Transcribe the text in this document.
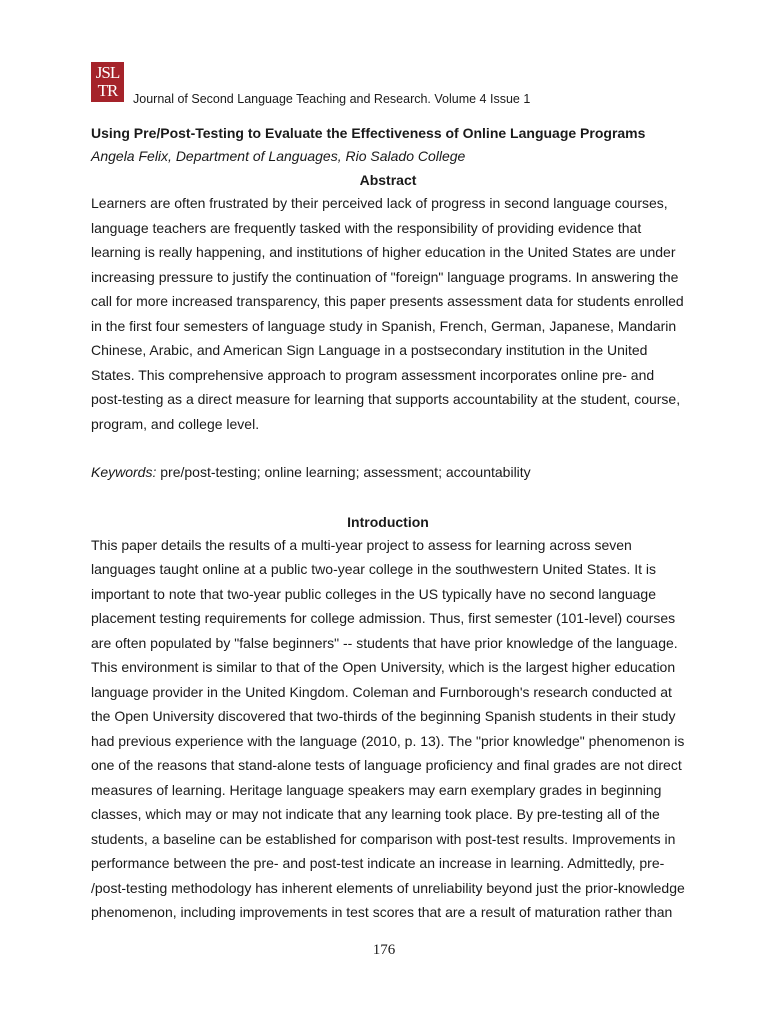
JSL
TR Journal of Second Language Teaching and Research. Volume 4 Issue 1

Using Pre/Post-Testing to Evaluate the Effectiveness of Online Language Programs

Angela Felix, Department of Languages, Rio Salado College

Abstract

Learners are often frustrated by their perceived lack of progress in second language courses,
language teachers are frequently tasked with the responsibility of providing evidence that
learning is really happening, and institutions of higher education in the United States are under
increasing pressure to justify the continuation of "foreign" language programs. In answering the
call for more increased transparency, this paper presents assessment data for students enrolled
in the first four semesters of language study in Spanish, French, German, Japanese, Mandarin
Chinese, Arabic, and American Sign Language in a postsecondary institution in the United
States. This comprehensive approach to program assessment incorporates online pre- and
post-testing as a direct measure for learning that supports accountability at the student, course,
program, and college level.

Keywords: pre/post-testing; online learning; assessment; accountability

Introduction

This paper details the results of a multi-year project to assess for learning across seven
languages taught online at a public two-year college in the southwestern United States. It is
important to note that two-year public colleges in the US typically have no second language
placement testing requirements for college admission. Thus, first semester (101-level) courses
are often populated by "false beginners" -- students that have prior knowledge of the language.
This environment is similar to that of the Open University, which is the largest higher education
language provider in the United Kingdom. Coleman and Furnborough's research conducted at
the Open University discovered that two-thirds of the beginning Spanish students in their study
had previous experience with the language (2010, p. 13). The "prior knowledge" phenomenon is
one of the reasons that stand-alone tests of language proficiency and final grades are not direct
measures of learning. Heritage language speakers may earn exemplary grades in beginning
classes, which may or may not indicate that any learning took place. By pre-testing all of the
students, a baseline can be established for comparison with post-test results. Improvements in
performance between the pre- and post-test indicate an increase in learning. Admittedly, pre-
/post-testing methodology has inherent elements of unreliability beyond just the prior-knowledge
phenomenon, including improvements in test scores that are a result of maturation rather than

176
